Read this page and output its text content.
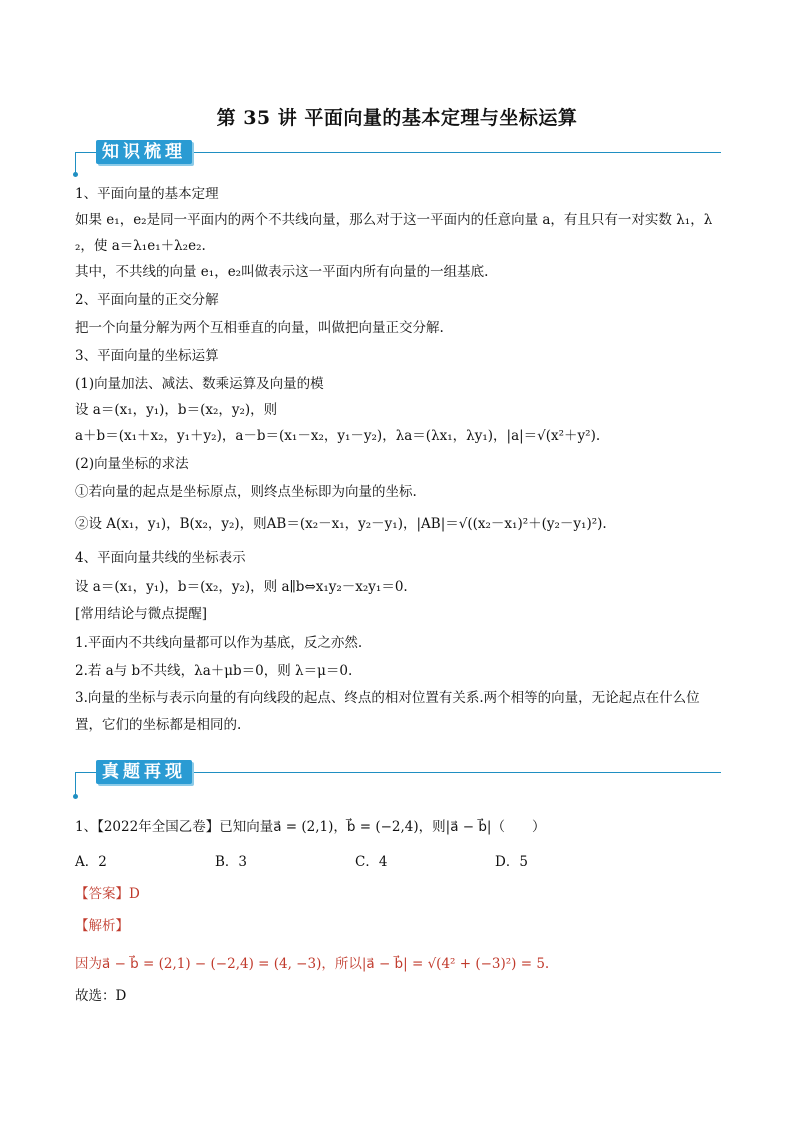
第 35 讲 平面向量的基本定理与坐标运算
知识梳理
1、平面向量的基本定理
如果 e₁，e₂是同一平面内的两个不共线向量，那么对于这一平面内的任意向量 a，有且只有一对实数 λ₁，λ
₂，使 a＝λ₁e₁＋λ₂e₂.
其中，不共线的向量 e₁，e₂叫做表示这一平面内所有向量的一组基底.
2、平面向量的正交分解
把一个向量分解为两个互相垂直的向量，叫做把向量正交分解.
3、平面向量的坐标运算
(1)向量加法、减法、数乘运算及向量的模
设 a＝(x₁，y₁)，b＝(x₂，y₂)，则
a＋b＝(x₁＋x₂，y₁＋y₂)，a－b＝(x₁－x₂，y₁－y₂)，λa＝(λx₁，λy₁)，|a|＝√(x²＋y²).
(2)向量坐标的求法
①若向量的起点是坐标原点，则终点坐标即为向量的坐标.
②设 A(x₁，y₁)，B(x₂，y₂)，则AB＝(x₂－x₁，y₂－y₁)，|AB|＝√((x₂－x₁)²＋(y₂－y₁)²).
4、平面向量共线的坐标表示
设 a＝(x₁，y₁)，b＝(x₂，y₂)，则 a∥b⇔x₁y₂－x₂y₁＝0.
[常用结论与微点提醒]
1.平面内不共线向量都可以作为基底，反之亦然.
2.若 a与 b不共线，λa＋μb＝0，则 λ＝μ＝0.
3.向量的坐标与表示向量的有向线段的起点、终点的相对位置有关系.两个相等的向量，无论起点在什么位
置，它们的坐标都是相同的.
真题再现
1、【2022年全国乙卷】已知向量a⃗ = (2,1)，b⃗ = (−2,4)，则|a⃗ − b⃗|（　　）
A．2	B．3	C．4	D．5
【答案】D
【解析】
因为a⃗ − b⃗ = (2,1) − (−2,4) = (4, −3)，所以|a⃗ − b⃗| = √(4² + (−3)²) = 5.
故选：D
